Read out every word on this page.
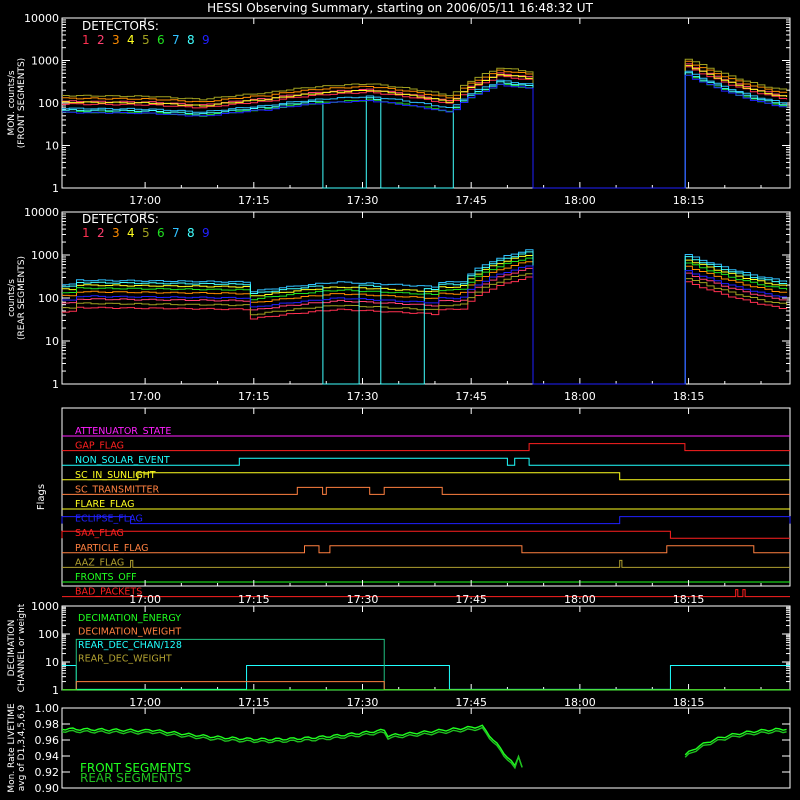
HESSI Observing Summary, starting on 2006/05/11 16:48:32 UT
DETECTORS:
1 2 3 4 5 6 7 8 9
1
10
100
1000
10000
17:00	17:15	17:30	17:45	18:00	18:15
MON. counts/s (FRONT SEGMENTS)
DETECTORS:
1 2 3 4 5 6 7 8 9
1
10
100
1000
10000
17:00	17:15	17:30	17:45	18:00	18:15
counts/s (REAR SEGMENTS)
ATTENUATOR_STATE
GAP_FLAG
NON_SOLAR_EVENT
SC_IN_SUNLIGHT
SC_TRANSMITTER
FLARE_FLAG
ECLIPSE_FLAG
SAA_FLAG
PARTICLE_FLAG
AAZ_FLAG
FRONTS_OFF
BAD_PACKETS
17:00	17:15	17:30	17:45	18:00	18:15
Flags
DECIMATION_ENERGY
DECIMATION_WEIGHT
REAR_DEC_CHAN/128
REAR_DEC_WEIGHT
1
10
100
1000
17:00	17:15	17:30	17:45	18:00	18:15
DECIMATION CHANNEL or weight
0.90
0.92
0.94
0.96
0.98
1.00
FRONT SEGMENTS
REAR SEGMENTS
Mon. Rate LIVETIME avg of D1,3,4,5,6,9
